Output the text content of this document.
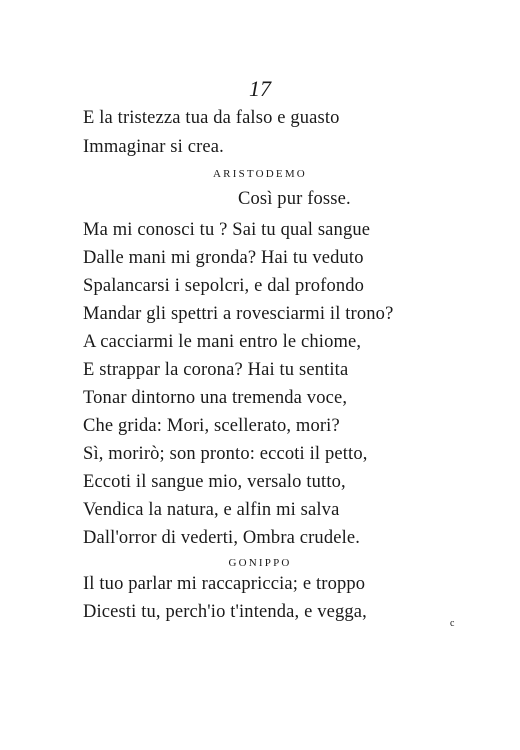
17
E la tristezza tua da falso e guasto
Immaginar si crea.
ARISTODEMO
Così pur fosse.
Ma mi conosci tu ? Sai tu qual sangue
Dalle mani mi gronda? Hai tu veduto
Spalancarsi i sepolcri, e dal profondo
Mandar gli spettri a rovesciarmi il trono?
A cacciarmi le mani entro le chiome,
E strappar la corona? Hai tu sentita
Tonar dintorno una tremenda voce,
Che grida: Mori, scellerato, mori?
Sì, morirò; son pronto: eccoti il petto,
Eccoti il sangue mio, versalo tutto,
Vendica la natura, e alfin mi salva
Dall'orror di vederti, Ombra crudele.
GONIPPO
Il tuo parlar mi raccapriccia; e troppo
Dicesti tu, perch'io t'intenda, e vegga,
c
